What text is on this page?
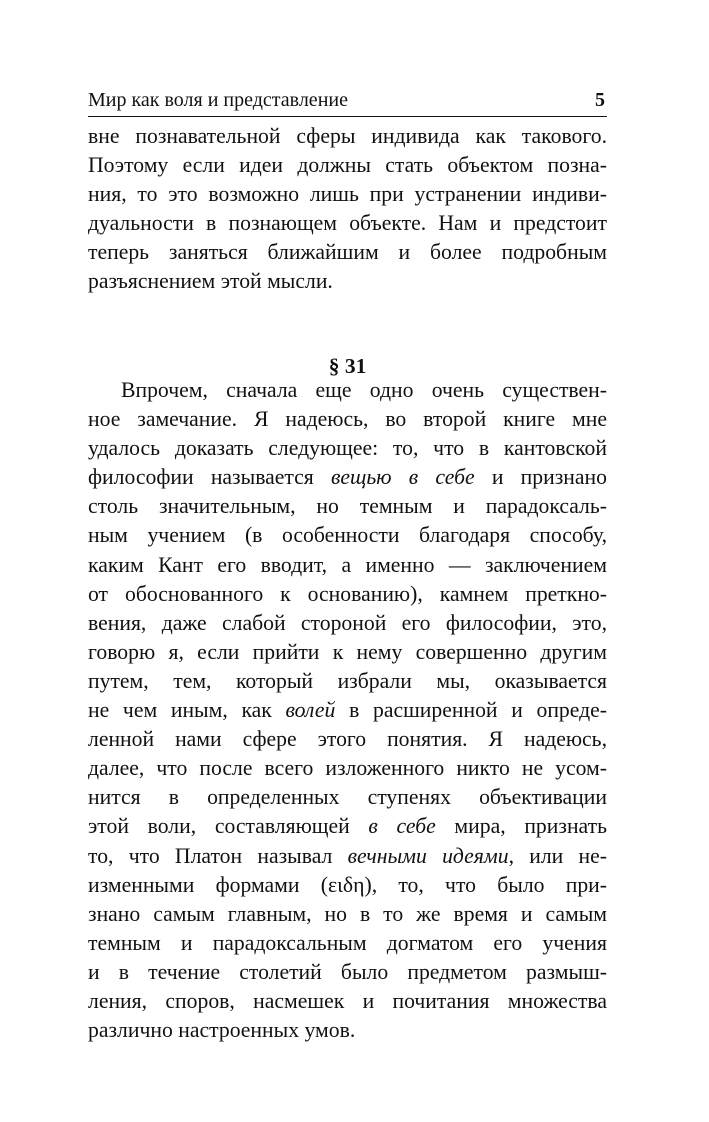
Мир как воля и представление	5
вне познавательной сферы индивида как такового.
Поэтому если идеи должны стать объектом позна-
ния, то это возможно лишь при устранении индиви-
дуальности в познающем объекте. Нам и предстоит
теперь заняться ближайшим и более подробным
разъяснением этой мысли.
§ 31
Впрочем, сначала еще одно очень существен-
ное замечание. Я надеюсь, во второй книге мне
удалось доказать следующее: то, что в кантовской
философии называется вещью в себе и признано
столь значительным, но темным и парадоксаль-
ным учением (в особенности благодаря способу,
каким Кант его вводит, а именно — заключением
от обоснованного к основанию), камнем преткно-
вения, даже слабой стороной его философии, это,
говорю я, если прийти к нему совершенно другим
путем, тем, который избрали мы, оказывается
не чем иным, как волей в расширенной и опреде-
ленной нами сфере этого понятия. Я надеюсь,
далее, что после всего изложенного никто не усом-
нится в определенных ступенях объективации
этой воли, составляющей в себе мира, признать
то, что Платон называл вечными идеями, или не-
изменными формами (ειδη), то, что было при-
знано самым главным, но в то же время и самым
темным и парадоксальным догматом его учения
и в течение столетий было предметом размыш-
ления, споров, насмешек и почитания множества
различно настроенных умов.
